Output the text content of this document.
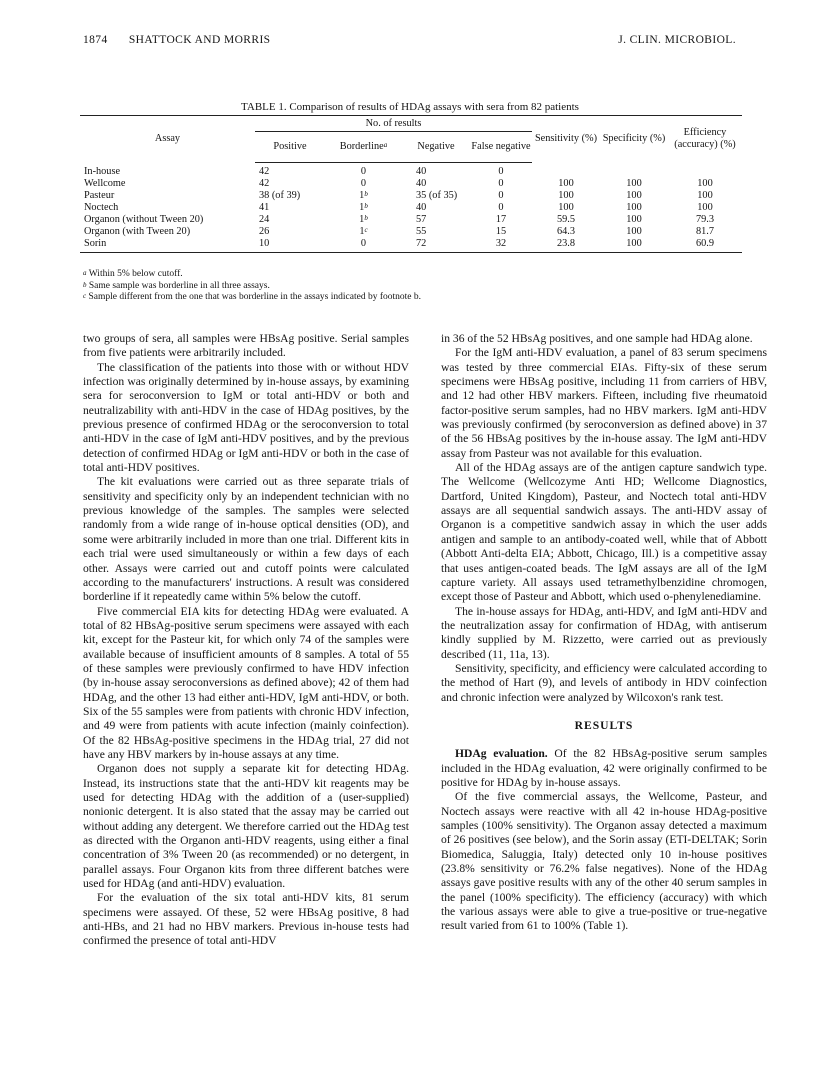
1874 SHATTOCK AND MORRIS	J. CLIN. MICROBIOL.
TABLE 1. Comparison of results of HDAg assays with sera from 82 patients
Assay	No. of results				Sensitivity (%)	Specificity (%)	Efficiency (accuracy) (%)
	Positive	Borderline$^a$	Negative	False negative			
In-house	42	0	40	0			
Wellcome	42	0	40	0	100	100	100
Pasteur	38 (of 39)	1$^b$	35 (of 35)	0	100	100	100
Noctech	41	1$^b$	40	0	100	100	100
Organon (without Tween 20)	24	1$^b$	57	17	59.5	100	79.3
Organon (with Tween 20)	26	1$^c$	55	15	64.3	100	81.7
Sorin	10	0	72	32	23.8	100	60.9
$^a$ Within 5% below cutoff.
$^b$ Same sample was borderline in all three assays.
$^c$ Sample different from the one that was borderline in the assays indicated by footnote b.

two groups of sera, all samples were HBsAg positive. Serial samples from five patients were arbitrarily included.

The classification of the patients into those with or without HDV infection was originally determined by in-house assays, by examining sera for seroconversion to IgM or total anti-HDV or both and neutralizability with anti-HDV in the case of HDAg positives, by the previous presence of confirmed HDAg or the seroconversion to total anti-HDV in the case of IgM anti-HDV positives, and by the previous detection of confirmed HDAg or IgM anti-HDV or both in the case of total anti-HDV positives.

The kit evaluations were carried out as three separate trials of sensitivity and specificity only by an independent technician with no previous knowledge of the samples. The samples were selected randomly from a wide range of in-house optical densities (OD), and some were arbitrarily included in more than one trial. Different kits in each trial were used simultaneously or within a few days of each other. Assays were carried out and cutoff points were calculated according to the manufacturers' instructions. A result was considered borderline if it repeatedly came within 5% below the cutoff.

Five commercial EIA kits for detecting HDAg were evaluated. A total of 82 HBsAg-positive serum specimens were assayed with each kit, except for the Pasteur kit, for which only 74 of the samples were available because of insufficient amounts of 8 samples. A total of 55 of these samples were previously confirmed to have HDV infection (by in-house assay seroconversions as defined above); 42 of them had HDAg, and the other 13 had either anti-HDV, IgM anti-HDV, or both. Six of the 55 samples were from patients with chronic HDV infection, and 49 were from patients with acute infection (mainly coinfection). Of the 82 HBsAg-positive specimens in the HDAg trial, 27 did not have any HBV markers by in-house assays at any time.

Organon does not supply a separate kit for detecting HDAg. Instead, its instructions state that the anti-HDV kit reagents may be used for detecting HDAg with the addition of a (user-supplied) nonionic detergent. It is also stated that the assay may be carried out without adding any detergent. We therefore carried out the HDAg test as directed with the Organon anti-HDV reagents, using either a final concentration of 3% Tween 20 (as recommended) or no detergent, in parallel assays. Four Organon kits from three different batches were used for HDAg (and anti-HDV) evaluation.

For the evaluation of the six total anti-HDV kits, 81 serum specimens were assayed. Of these, 52 were HBsAg positive, 8 had anti-HBs, and 21 had no HBV markers. Previous in-house tests had confirmed the presence of total anti-HDV

in 36 of the 52 HBsAg positives, and one sample had HDAg alone.

For the IgM anti-HDV evaluation, a panel of 83 serum specimens was tested by three commercial EIAs. Fifty-six of these serum specimens were HBsAg positive, including 11 from carriers of HBV, and 12 had other HBV markers. Fifteen, including five rheumatoid factor-positive serum samples, had no HBV markers. IgM anti-HDV was previously confirmed (by seroconversion as defined above) in 37 of the 56 HBsAg positives by the in-house assay. The IgM anti-HDV assay from Pasteur was not available for this evaluation.

All of the HDAg assays are of the antigen capture sandwich type. The Wellcome (Wellcozyme Anti HD; Wellcome Diagnostics, Dartford, United Kingdom), Pasteur, and Noctech total anti-HDV assays are all sequential sandwich assays. The anti-HDV assay of Organon is a competitive sandwich assay in which the user adds antigen and sample to an antibody-coated well, while that of Abbott (Abbott Anti-delta EIA; Abbott, Chicago, Ill.) is a competitive assay that uses antigen-coated beads. The IgM assays are all of the IgM capture variety. All assays used tetramethylbenzidine chromogen, except those of Pasteur and Abbott, which used o-phenylenediamine.

The in-house assays for HDAg, anti-HDV, and IgM anti-HDV and the neutralization assay for confirmation of HDAg, with antiserum kindly supplied by M. Rizzetto, were carried out as previously described (11, 11a, 13).

Sensitivity, specificity, and efficiency were calculated according to the method of Hart (9), and levels of antibody in HDV coinfection and chronic infection were analyzed by Wilcoxon's rank test.

RESULTS

HDAg evaluation. Of the 82 HBsAg-positive serum samples included in the HDAg evaluation, 42 were originally confirmed to be positive for HDAg by in-house assays.

Of the five commercial assays, the Wellcome, Pasteur, and Noctech assays were reactive with all 42 in-house HDAg-positive samples (100% sensitivity). The Organon assay detected a maximum of 26 positives (see below), and the Sorin assay (ETI-DELTAK; Sorin Biomedica, Saluggia, Italy) detected only 10 in-house positives (23.8% sensitivity or 76.2% false negatives). None of the HDAg assays gave positive results with any of the other 40 serum samples in the panel (100% specificity). The efficiency (accuracy) with which the various assays were able to give a true-positive or true-negative result varied from 61 to 100% (Table 1).
